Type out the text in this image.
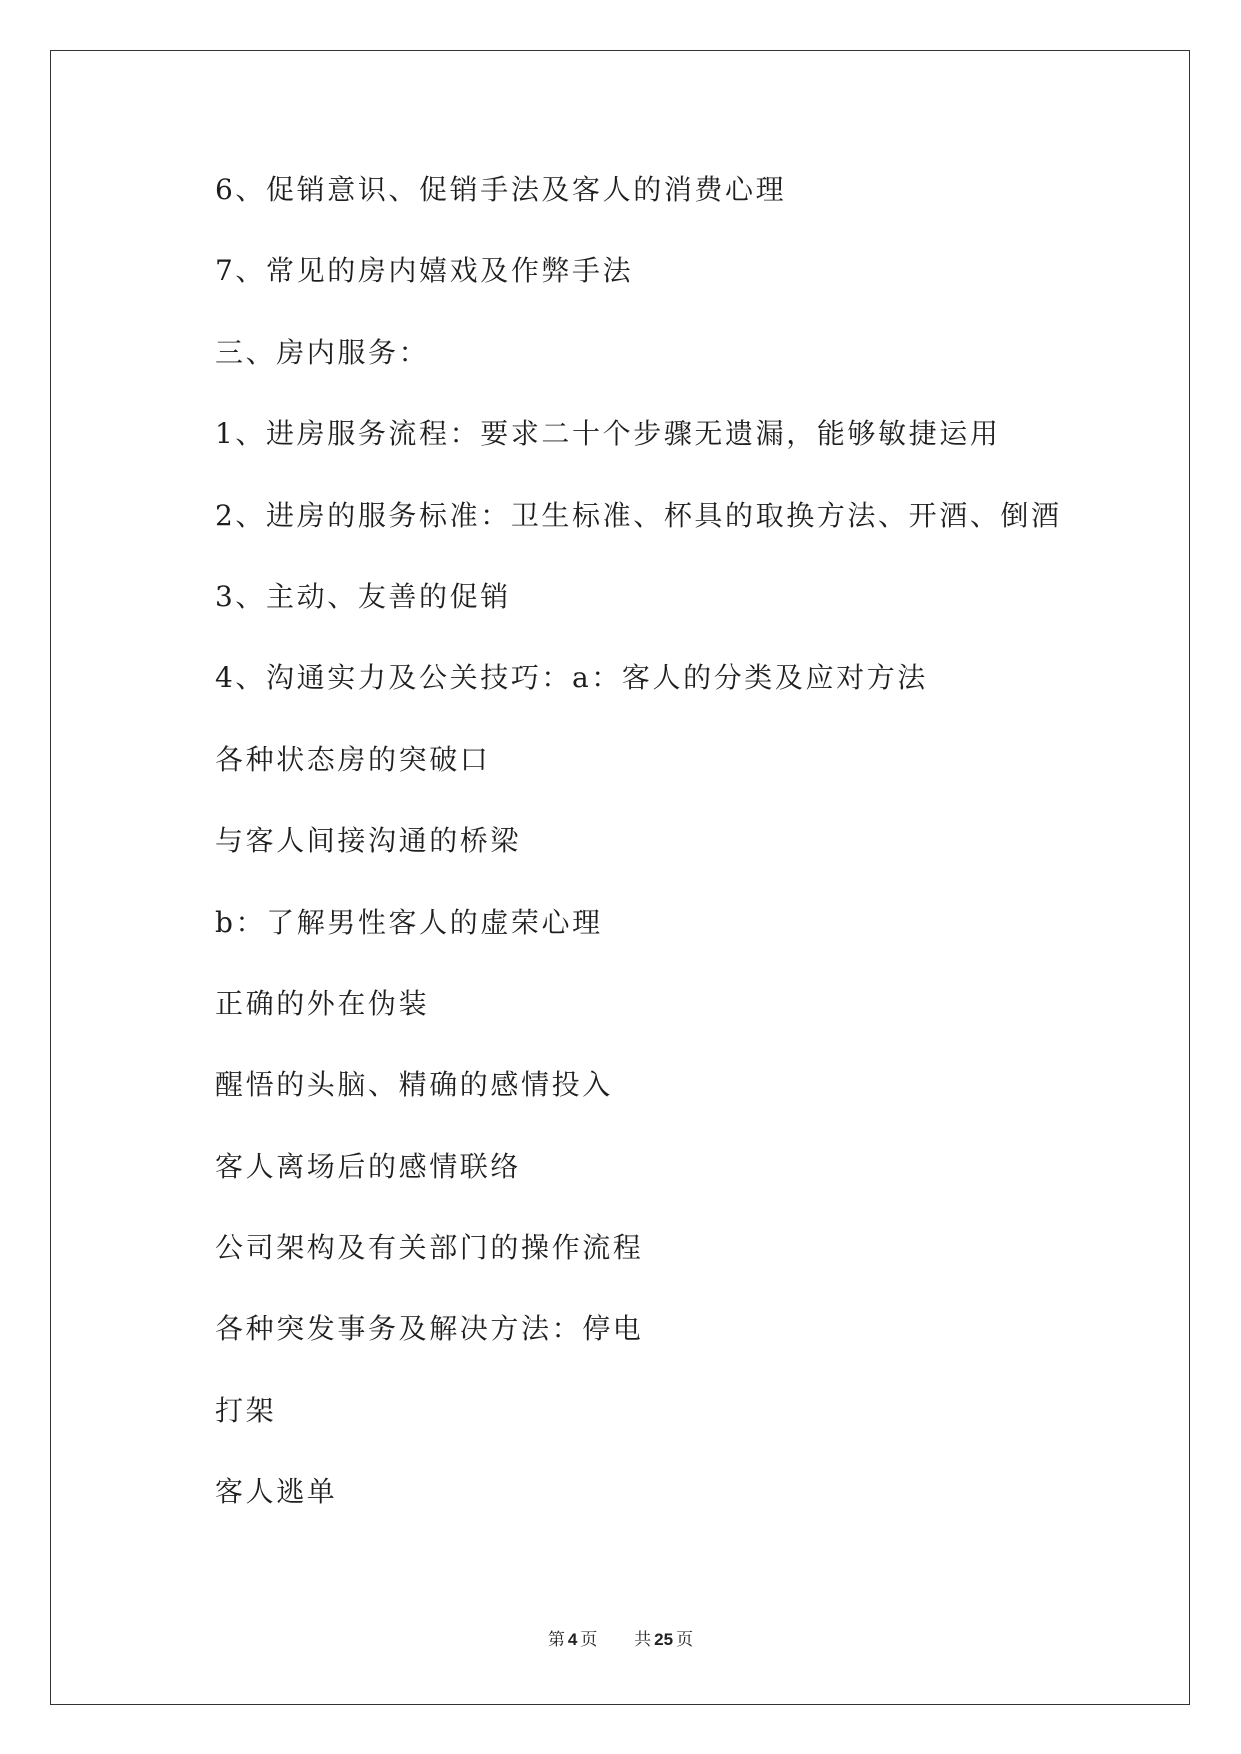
6、促销意识、促销手法及客人的消费心理

7、常见的房内嬉戏及作弊手法

三、房内服务：

1、进房服务流程：要求二十个步骤无遗漏，能够敏捷运用

2、进房的服务标准：卫生标准、杯具的取换方法、开酒、倒酒

3、主动、友善的促销

4、沟通实力及公关技巧：a：客人的分类及应对方法

各种状态房的突破口

与客人间接沟通的桥梁

b：了解男性客人的虚荣心理

正确的外在伪装

醒悟的头脑、精确的感情投入

客人离场后的感情联络

公司架构及有关部门的操作流程

各种突发事务及解决方法：停电

打架

客人逃单

第 4 页 共 25 页
